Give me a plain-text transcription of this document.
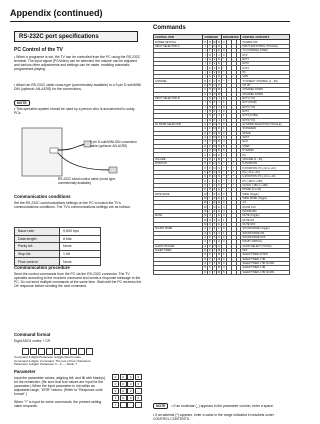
Appendix (continued)
RS-232C port specifications
PC Control of the TV
• When a programm is set, the TV can be controlled from the PC using the RS-232C terminal. The input signal (PC/video) can be selected, the volume can be adjusted and various other adjustments and settings can be made, enabling automatic programmed playing.
• Attach an RS-232C cable cross-type (commercially available) to a 9 pin D-sub/MINI DIN (optional: AN-A1RS) for the connections.
NOTE
• This operation system should be used by a person who is accustomed to using PCs.
9 pin D-sub/MINI-DIN conversion cable (optional: AN-A1RS)
RS-232C serial control cable (cross type, commercially available)
Communication conditions
Set the RS-232C communications settings on the PC to match the TV's communications conditions. The TV's communications settings are as follows:
Baud rate:	9,600 bps
Data length:	8 bits
Parity bit:	None
Stop bit:	1 bit
Flow control:	None
Communication procedure
Send the control commands from the PC via the RS-232C connector. The TV operates according to the received command and sends a response message to the PC. Do not send multiple commands at the same time. Wait until the PC receives the OK response before sending the next command.
Command format
Eight ASCII codes + CR
Command 4-digits Parameter 4-digits Return code
Command 4-digits: Command. The text of four characters.
Parameter 4-digits: Parameter 0 – 9, –, blank, ?
Parameter
Input the parameter values, aligning left, and fill with blank(s) for the remainder. (Be sure that four values are input for the parameter.) When the input parameter is not within an adjustable range, "ERR" returns. (Refer to "Response code format".)
When "?" is input for some commands, the present setting value responds.
0	0	0	9
0	0	3	0
0	0	0	–
1	0	0	0
?
Commands
CONTROL ITEM	COMMAND				PARAMETER				CONTROL CONTENTS
POWER SETTING	P	O	W	R	0				POWER OFF
INPUT SELECTION A	I	T	G	D					INPUT SWITCHING (TOGGLE)
	I	T	V	D	0				TV (CHANNEL FIXED)
	I	D	T	V	0				DTV
	I	A	V	D	*				EXT1
	I	A	V	D	*				EXT2
	I	A	V	D	*				EXT3
	I	A	V	D	*				PC
	I	A	V	D	*				USB
CHANNEL	D	C	C	H	*	*			TV DIRECT CHANNEL (1 – 99)
	C	H	U	P					CH UP
	C	H	D	W					CHANNEL DOWN
	C	H	D	W					CHANNEL DOWN
INPUT SELECTION B	I	N	P	1	0				EXT1 (Y/C)
	I	N	P	1	1				EXT1 (RGB)
	I	N	P	2	0				EXT2 (Y/C)
	I	N	P	3	0				EXT3
	I	N	P	3	1				EXT3 (CVBS)
	I	N	P	4	0				EXT4 (Y/C)
AV MODE SELECTION	A	V	M	D	0				AV MODE SELECTION (TOGGLE)
	A	V	M	D	1				STANDARD
	A	V	M	D	2				MOVIE
	A	V	M	D	3				SOFT
	A	V	M	D	4				ECO
	A	V	M	D	5				USER
	A	V	M	D	6				DYNAMIC
	A	V	M	D	7				PC
VOLUME	V	O	L	M	*	*			VOLUME (0 – 60)
POSITION	H	P	O	S	*	*	*		H-POSITION
	H	P	O	S	*	*	*		H-POSITION: PC (-10 to +10)
	V	P	O	S	*	*	*		PC (-10 to +10)
	V	P	O	S	*	*	*		V-POSITION: PC (-10 to +10)
	C	L	C	K	*	*	*		PC (-180 to +180)
	C	L	C	K	*	*	*		CLOCK (-180 to +180)
	P	H	S	E	*	*			PHASE (0 to 60)
WIDE MODE	W	I	D	E	0				WIDE (Toggle)
	W	I	D	E	1				WIDE MODE (Toggle)
	W	I	D	E	2				4:3
	W	I	D	E	3				ZOOM 14:9
	W	I	D	E	4				PANORAMA
MUTE	M	U	T	E	0				MUTE (Toggle)
	M	U	T	E	1				MUTE ON
	M	U	T	E	2				MUTE OFF
SOUND MODE	A	C	S	U	0				SOUND MODE (Toggle)
	A	C	S	U	1				SOUND MODE ON
	A	C	S	U	2				SOUND MODE OFF
	A	C	S	U	3				DOLBY VIRTUAL
AUDIO CHANGE	A	C	H	A					AUDIO SELECT (TV/Sub)
SLEEP TIMER	O	F	T	M	0				OFF
	O	F	T	M	1				SLEEP TIMER 30 MIN.
	O	F	T	M	2				SLEEP TIMER 1 HR.
	O	F	T	M	3				SLEEP TIMER 1 HR 30 MIN.
	O	F	T	M	4				SLEEP TIMER 2 HR.
	O	F	T	M	5				SLEEP TIMER 2 HR 30 MIN.
NOTE • If an underbar (_) appears in the parameter column, enter a space.
• If an asterisk (*) appears, enter a value in the range indicated in brackets under CONTROL CONTENTS.
